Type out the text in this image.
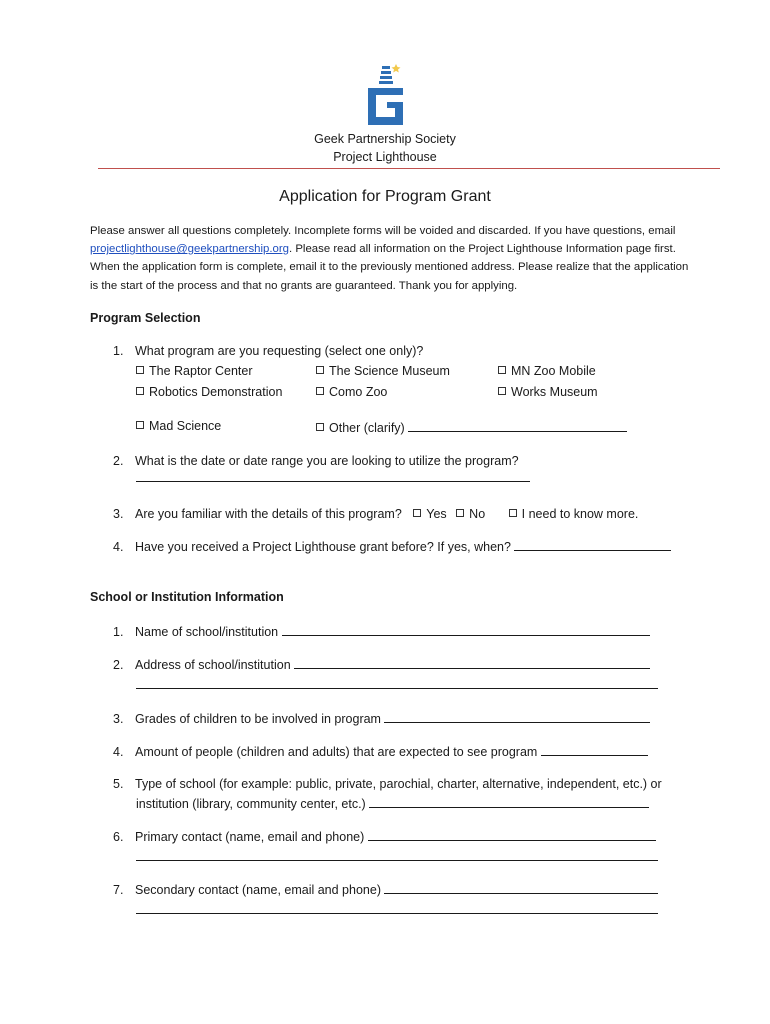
Geek Partnership Society
Project Lighthouse
Application for Program Grant

Please answer all questions completely. Incomplete forms will be voided and discarded. If you have questions, email projectlighthouse@geekpartnership.org. Please read all information on the Project Lighthouse Information page first. When the application form is complete, email it to the previously mentioned address. Please realize that the application is the start of the process and that no grants are guaranteed. Thank you for applying.

Program Selection
1. What program are you requesting (select one only)?
The Raptor Center	The Science Museum	MN Zoo Mobile
Robotics Demonstration	Como Zoo	Works Museum
Mad Science	Other (clarify)
2. What is the date or date range you are looking to utilize the program?
3. Are you familiar with the details of this program? Yes No	I need to know more.
4. Have you received a Project Lighthouse grant before? If yes, when?
School or Institution Information
1. Name of school/institution
2. Address of school/institution
3. Grades of children to be involved in program
4. Amount of people (children and adults) that are expected to see program
5. Type of school (for example: public, private, parochial, charter, alternative, independent, etc.) or
institution (library, community center, etc.)
6. Primary contact (name, email and phone)
7. Secondary contact (name, email and phone)
